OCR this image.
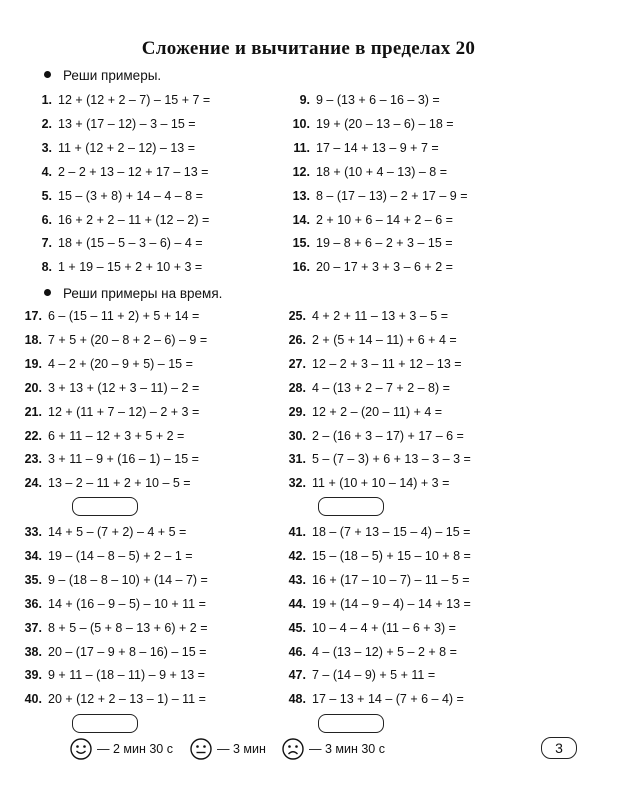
Сложение и вычитание в пределах 20
Реши примеры.
Реши примеры на время.
1. 12 + (12 + 2 – 7) – 15 + 7 =
2. 13 + (17 – 12) – 3 – 15 =
3. 11 + (12 + 2 – 12) – 13 =
4. 2 – 2 + 13 – 12 + 17 – 13 =
5. 15 – (3 + 8) + 14 – 4 – 8 =
6. 16 + 2 + 2 – 11 + (12 – 2) =
7. 18 + (15 – 5 – 3 – 6) – 4 =
8. 1 + 19 – 15 + 2 + 10 + 3 =
9. 9 – (13 + 6 – 16 – 3) =
10. 19 + (20 – 13 – 6) – 18 =
11. 17 – 14 + 13 – 9 + 7 =
12. 18 + (10 + 4 – 13) – 8 =
13. 8 – (17 – 13) – 2 + 17 – 9 =
14. 2 + 10 + 6 – 14 + 2 – 6 =
15. 19 – 8 + 6 – 2 + 3 – 15 =
16. 20 – 17 + 3 + 3 – 6 + 2 =
17. 6 – (15 – 11 + 2) + 5 + 14 =
18. 7 + 5 + (20 – 8 + 2 – 6) – 9 =
19. 4 – 2 + (20 – 9 + 5) – 15 =
20. 3 + 13 + (12 + 3 – 11) – 2 =
21. 12 + (11 + 7 – 12) – 2 + 3 =
22. 6 + 11 – 12 + 3 + 5 + 2 =
23. 3 + 11 – 9 + (16 – 1) – 15 =
24. 13 – 2 – 11 + 2 + 10 – 5 =
25. 4 + 2 + 11 – 13 + 3 – 5 =
26. 2 + (5 + 14 – 11) + 6 + 4 =
27. 12 – 2 + 3 – 11 + 12 – 13 =
28. 4 – (13 + 2 – 7 + 2 – 8) =
29. 12 + 2 – (20 – 11) + 4 =
30. 2 – (16 + 3 – 17) + 17 – 6 =
31. 5 – (7 – 3) + 6 + 13 – 3 – 3 =
32. 11 + (10 + 10 – 14) + 3 =
33. 14 + 5 – (7 + 2) – 4 + 5 =
34. 19 – (14 – 8 – 5) + 2 – 1 =
35. 9 – (18 – 8 – 10) + (14 – 7) =
36. 14 + (16 – 9 – 5) – 10 + 11 =
37. 8 + 5 – (5 + 8 – 13 + 6) + 2 =
38. 20 – (17 – 9 + 8 – 16) – 15 =
39. 9 + 11 – (18 – 11) – 9 + 13 =
40. 20 + (12 + 2 – 13 – 1) – 11 =
41. 18 – (7 + 13 – 15 – 4) – 15 =
42. 15 – (18 – 5) + 15 – 10 + 8 =
43. 16 + (17 – 10 – 7) – 11 – 5 =
44. 19 + (14 – 9 – 4) – 14 + 13 =
45. 10 – 4 – 4 + (11 – 6 + 3) =
46. 4 – (13 – 12) + 5 – 2 + 8 =
47. 7 – (14 – 9) + 5 + 11 =
48. 17 – 13 + 14 – (7 + 6 – 4) =
— 2 мин 30 с	— 3 мин	— 3 мин 30 с	3
